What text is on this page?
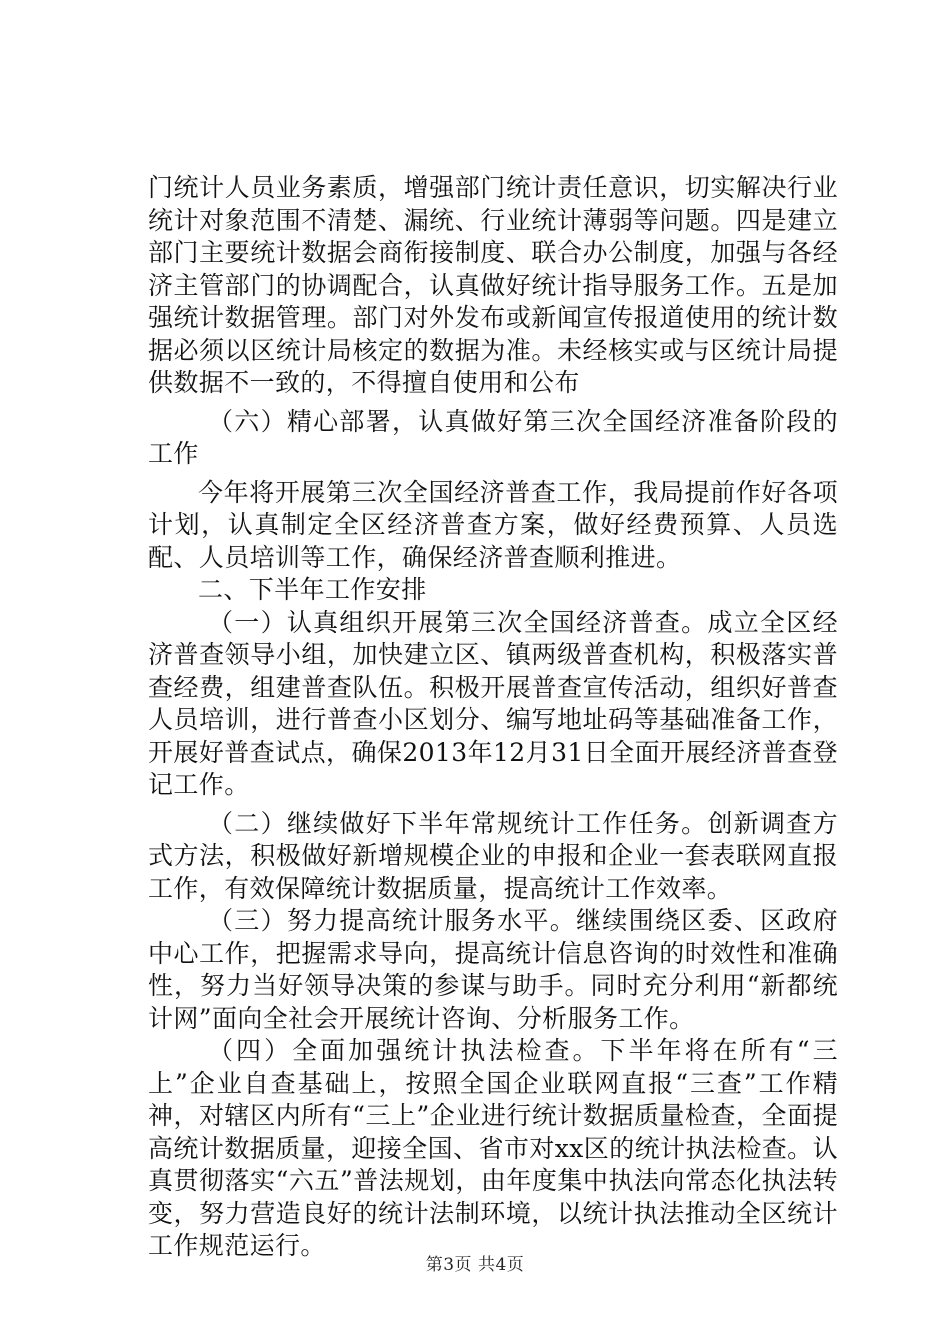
门统计人员业务素质，增强部门统计责任意识，切实解决行业统计对象范围不清楚、漏统、行业统计薄弱等问题。四是建立部门主要统计数据会商衔接制度、联合办公制度，加强与各经济主管部门的协调配合，认真做好统计指导服务工作。五是加强统计数据管理。部门对外发布或新闻宣传报道使用的统计数据必须以区统计局核定的数据为准。未经核实或与区统计局提供数据不一致的，不得擅自使用和公布

（六）精心部署，认真做好第三次全国经济准备阶段的工作

今年将开展第三次全国经济普查工作，我局提前作好各项计划，认真制定全区经济普查方案，做好经费预算、人员选配、人员培训等工作，确保经济普查顺利推进。

二、下半年工作安排

（一）认真组织开展第三次全国经济普查。成立全区经济普查领导小组，加快建立区、镇两级普查机构，积极落实普查经费，组建普查队伍。积极开展普查宣传活动，组织好普查人员培训，进行普查小区划分、编写地址码等基础准备工作，开展好普查试点，确保2013年12月31日全面开展经济普查登记工作。

（二）继续做好下半年常规统计工作任务。创新调查方式方法，积极做好新增规模企业的申报和企业一套表联网直报工作，有效保障统计数据质量，提高统计工作效率。

（三）努力提高统计服务水平。继续围绕区委、区政府中心工作，把握需求导向，提高统计信息咨询的时效性和准确性，努力当好领导决策的参谋与助手。同时充分利用“新都统计网”面向全社会开展统计咨询、分析服务工作。

（四）全面加强统计执法检查。下半年将在所有“三上”企业自查基础上，按照全国企业联网直报“三查”工作精神，对辖区内所有“三上”企业进行统计数据质量检查，全面提高统计数据质量，迎接全国、省市对xx区的统计执法检查。认真贯彻落实“六五”普法规划，由年度集中执法向常态化执法转变，努力营造良好的统计法制环境，以统计执法推动全区统计工作规范运行。

第3页 共4页
